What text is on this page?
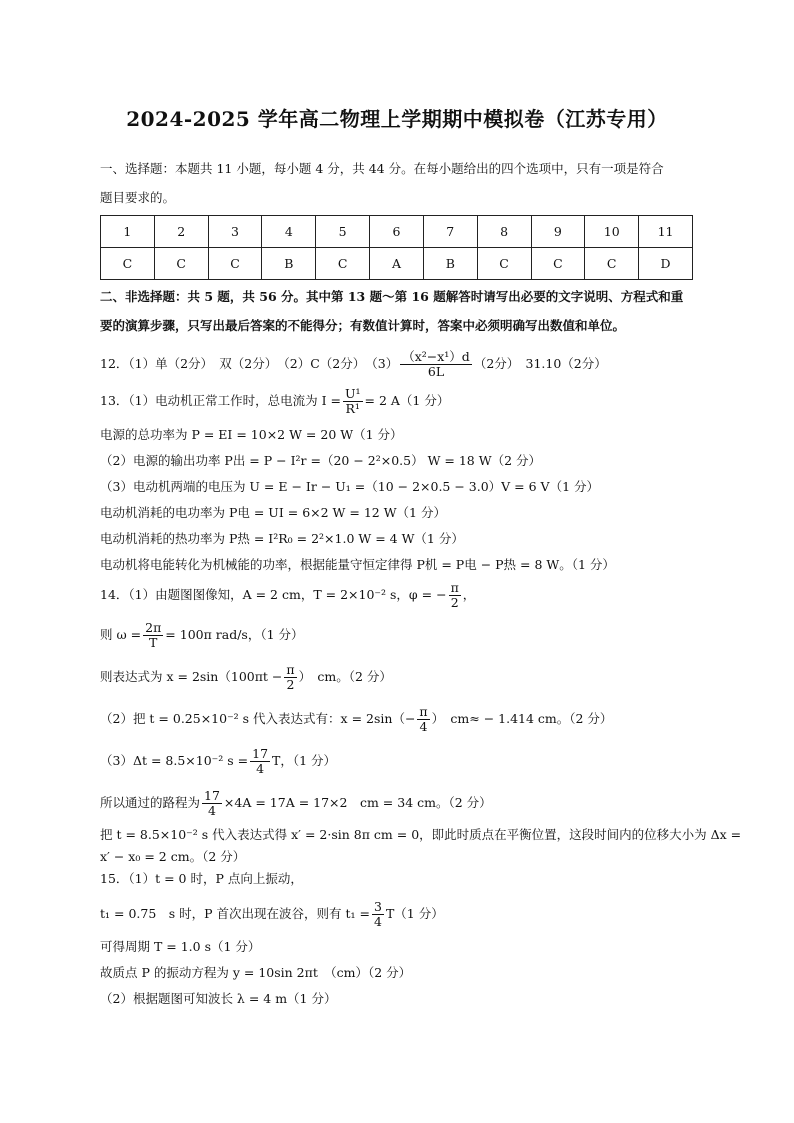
2024-2025 学年高二物理上学期期中模拟卷（江苏专用）
一、选择题：本题共 11 小题，每小题 4 分，共 44 分。在每小题给出的四个选项中，只有一项是符合
题目要求的。
1	2	3	4	5	6	7	8	9	10	11
C	C	C	B	C	A	B	C	C	C	D
二、非选择题：共 5 题，共 56 分。其中第 13 题～第 16 题解答时请写出必要的文字说明、方程式和重
要的演算步骤，只写出最后答案的不能得分；有数值计算时，答案中必须明确写出数值和单位。
12．（1）单（2分）　双（2分）　（2）C（2分）　$(3) \frac{\text{（x²−x¹）d}}{6L} (2$分）　31.10（2分）
13．（1）电动机正常工作时，总电流为 $I = \frac{\text{U¹}}{\text{R¹}} = 2$ A（1 分）
电源的总功率为 P = EI = 10×2 W = 20 W（1 分）
（2）电源的输出功率 P出 = P − I²r =（20 − 2²×0.5） W = 18 W（2 分）
（3）电动机两端的电压为 U = E − Ir − U₁ =（10 − 2×0.5 − 3.0）V = 6 V（1 分）
电动机消耗的电功率为 P电 = UI = 6×2 W = 12 W（1 分）
电动机消耗的热功率为 P热 = I²R₀ = 2²×1.0 W = 4 W（1 分）
电动机将电能转化为机械能的功率，根据能量守恒定律得 P机 = P电 − P热 = 8 W。（1 分）
14．（1）由题图图像知，A = 2 cm，T = 2×10⁻² s，φ = − $\frac{\pi}{2}$ ，
则 $\omega = \frac{2\pi}{T} = 100\pi$ rad/s，（1 分）
则表达式为 $x = 2\sin(100\pi t - \frac{\pi}{2}$ ）　cm。（2 分）
（2）把 t = 0.25×10⁻² s 代入表达式有：$x = 2\sin(- \frac{\pi}{4}$ ）　cm≈ − 1.414 cm。（2 分）
（3）Δt = 8.5×10⁻² $s = \frac{17}{4}$ T，（1 分）
所以通过的路程为 $\frac{17}{4} \times 4A = 17A = 17\times 2$　cm = 34 cm。（2 分）
把 t = 8.5×10⁻² s 代入表达式得 x′ = 2·sin 8π cm = 0，即此时质点在平衡位置，这段时间内的位移大小为 Δx =
x′ − x₀ = 2 cm。（2 分）
15．（1）t = 0 时，P 点向上振动，
t₁ = 0.75　s 时，P 首次出现在波谷，则有 $t_1 = \frac{3}{4} T(1$ 分）
可得周期 T = 1.0 s（1 分）
故质点 P 的振动方程为 y = 10sin 2πt　（cm）（2 分）
（2）根据题图可知波长 λ = 4 m（1 分）
